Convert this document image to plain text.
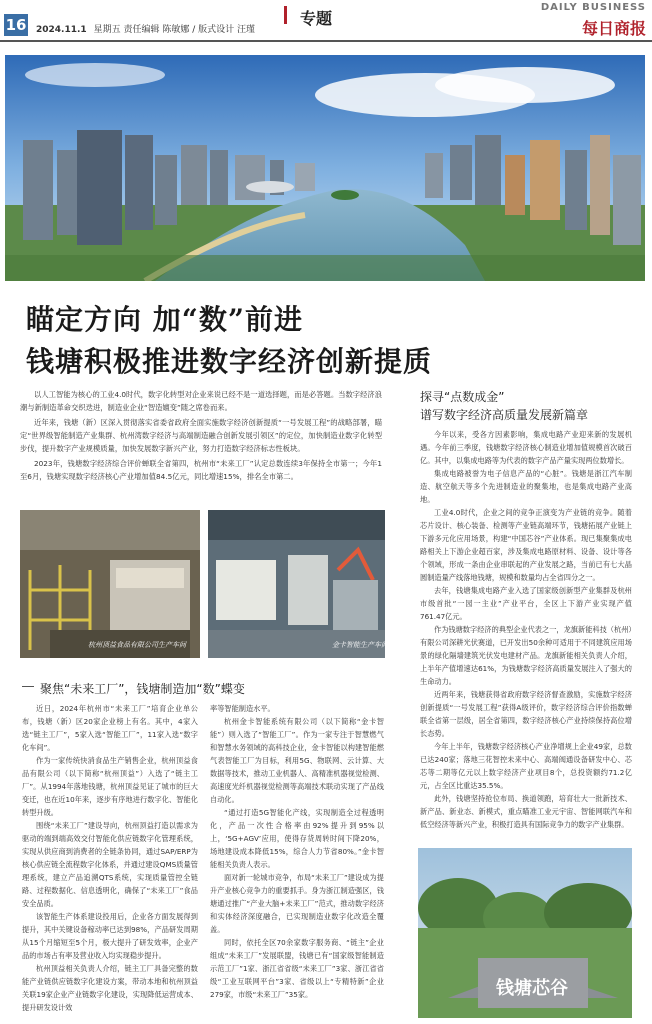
16 2024.11.1 星期五 责任编辑 陈敏娜 / 版式设计 汪瑾
专题
DAILY BUSINESS
每日商报
瞄定方向 加“数”前进
钱塘积极推进数字经济创新提质

以人工智能为核心的工业4.0时代，数字化转型对企业来说已经不是一道选择题，而是必答题。当数字经济浪潮与新制造革命交织迭进，制造业企业“智造嬗变”随之席卷而来。

近年来，钱塘（新）区深入贯彻落实省委省政府全面实施数字经济创新提质“一号发展工程”的战略部署，瞄定“世界级智能制造产业集群、杭州湾数字经济与高端制造融合创新发展引领区”的定位，加快制造业数字化转型步伐，提升数字产业规模质量，加快发展数字新兴产业，努力打造数字经济标志性板块。

2023年，钱塘数字经济综合评价蝉联全省第四，杭州市“未来工厂”认定总数连续3年保持全市第一；今年1至6月，钱塘实现数字经济核心产业增加值84.5亿元，同比增速15%，排名全市第二。

杭州顶益食品有限公司生产车间	金卡智能生产车间
聚焦“未来工厂”，钱塘制造加“数”蝶变

近日，2024年杭州市“未来工厂”培育企业单公布，钱塘（新）区20家企业榜上有名。其中，4家入选“链主工厂”，5家入选“智能工厂”，11家入选“数字化车间”。

作为一家传统快消食品生产销售企业，杭州顶益食品有限公司（以下简称“杭州顶益”）入选了“链主工厂”。从1994年落地钱塘，杭州顶益见证了城市的巨大变迁，也在近10年来，逐步有序地进行数字化、智能化转型升级。

围绕“未来工厂”建设导向，杭州顶益打造以需求为驱动的端到端高效交付智能化供应链数字化管理系统，实现从供应商到消费者的全链条协同，通过SAP/ERP为核心供应链全流程数字化体系，并通过建设QMS质量管理系统，建立产品追溯QTS系统，实现质量管控全链路、过程数据化、信息透明化，确保了“未来工厂”食品安全品质。

该智能生产体系建设投用后，企业各方面发展得到提升，其中关键设备稼动率已达到98%，产品研发周期从15个月缩短至5个月，极大提升了研发效率，企业产品的市场占有率及营业收入均实现稳步提升。

杭州顶益相关负责人介绍，链主工厂具备完整的数能产业链供应链数字化建设方案，带动本地和杭州顶益关联19家企业产业链数字化建设，实现降低运营成本、提升研发设计效

率等智能制造水平。

杭州金卡智能系统有限公司（以下简称“金卡智能”）则入选了“智能工厂”。作为一家专注于智慧燃气和智慧水务领域的高科技企业，金卡智能以构建智能燃气表智能工厂为目标，利用5G、物联网、云计算、大数据等技术，推动工业机器人、高精准机器视觉检测、高速度光纤机器视觉检测等高端技术联动实现了产品线自动化。

“通过打造5G智能化产线，实现制造全过程透明化，产品一次性合格率由92%提升到95%以上，‘5G+AGV’应用，使得存货周转时间下降20%，场地建设成本降低15%，综合人力节省80%。”金卡智能相关负责人表示。

面对新一轮城市竞争，布局“未来工厂”建设成为提升产业核心竞争力的重要抓手。身为浙江制造强区，钱塘通过推广“产业大脑+未来工厂”范式，推动数字经济和实体经济深度融合，已实现制造业数字化改造全覆盖。

同时，依托全区70余家数字服务商、“链主”企业组成“未来工厂”发展联盟，钱塘已有“国家级智能制造示范工厂”1家、浙江省省级“未来工厂”3家、浙江省省级“工业互联网平台”3家、省级以上“专精特新”企业279家，市级“未来工厂”35家。

探寻“点数成金”
谱写数字经济高质量发展新篇章

今年以来，受各方因素影响，集成电路产业迎来新的发展机遇。今年前三季度，钱塘数字经济核心制造业增加值规模首次破百亿。其中，以集成电路等为代表的数字产品产量实现两位数增长。

集成电路被誉为电子信息产品的“心脏”。钱塘是浙江汽车制造、航空航天等多个先进制造业的聚集地，也是集成电路产业高地。

工业4.0时代，企业之间的竞争正演变为产业链的竞争。随着芯片设计、核心装备、检测等产业链高端环节，钱塘拓展产业链上下游多元化应用场景，构建“中国芯谷”产业体系。现已集聚集成电路相关上下游企业超百家，涉及集成电路原材料、设备、设计等各个领域，形成一条由企业串联起的产业发展之路，当前已有七大晶圆制造量产线落地钱塘，规模和数量均占全省四分之一。

去年，钱塘集成电路产业入选了国家级创新型产业集群及杭州市级首批“一园一主业”产业平台，全区上下游产业实现产值761.47亿元。

作为钱塘数字经济的典型企业代表之一，龙旗新能科技（杭州）有限公司深耕光伏赛道，已开发出50余种可适用于不同建筑应用场景的绿化隔墙建筑光伏发电建材产品。龙旗新能相关负责人介绍，上半年产值增速达61%，为钱塘数字经济高质量发展注入了强大的生命动力。

近两年来，钱塘获得省政府数字经济督查激励，实施数字经济创新提质“一号发展工程”获得A级评价，数字经济综合评价指数蝉联全省第一层级，居全省第四，数字经济核心产业持续保持高位增长态势。

今年上半年，钱塘数字经济核心产业净增规上企业49家，总数已达240家；落地三花智控未来中心、高端阀通设备研发中心、芯芯等二期等亿元以上数字经济产业项目8个，总投资额约71.2亿元，占全区比重达35.5%。

此外，钱塘坚持抢位布局、换道领跑，培育壮大一批新技术、新产品、新业态、新模式，重点瞄准工业元宇宙、智能网联汽车和低空经济等新兴产业，积极打造具有国际竞争力的数字产业集群。

钱塘芯谷
